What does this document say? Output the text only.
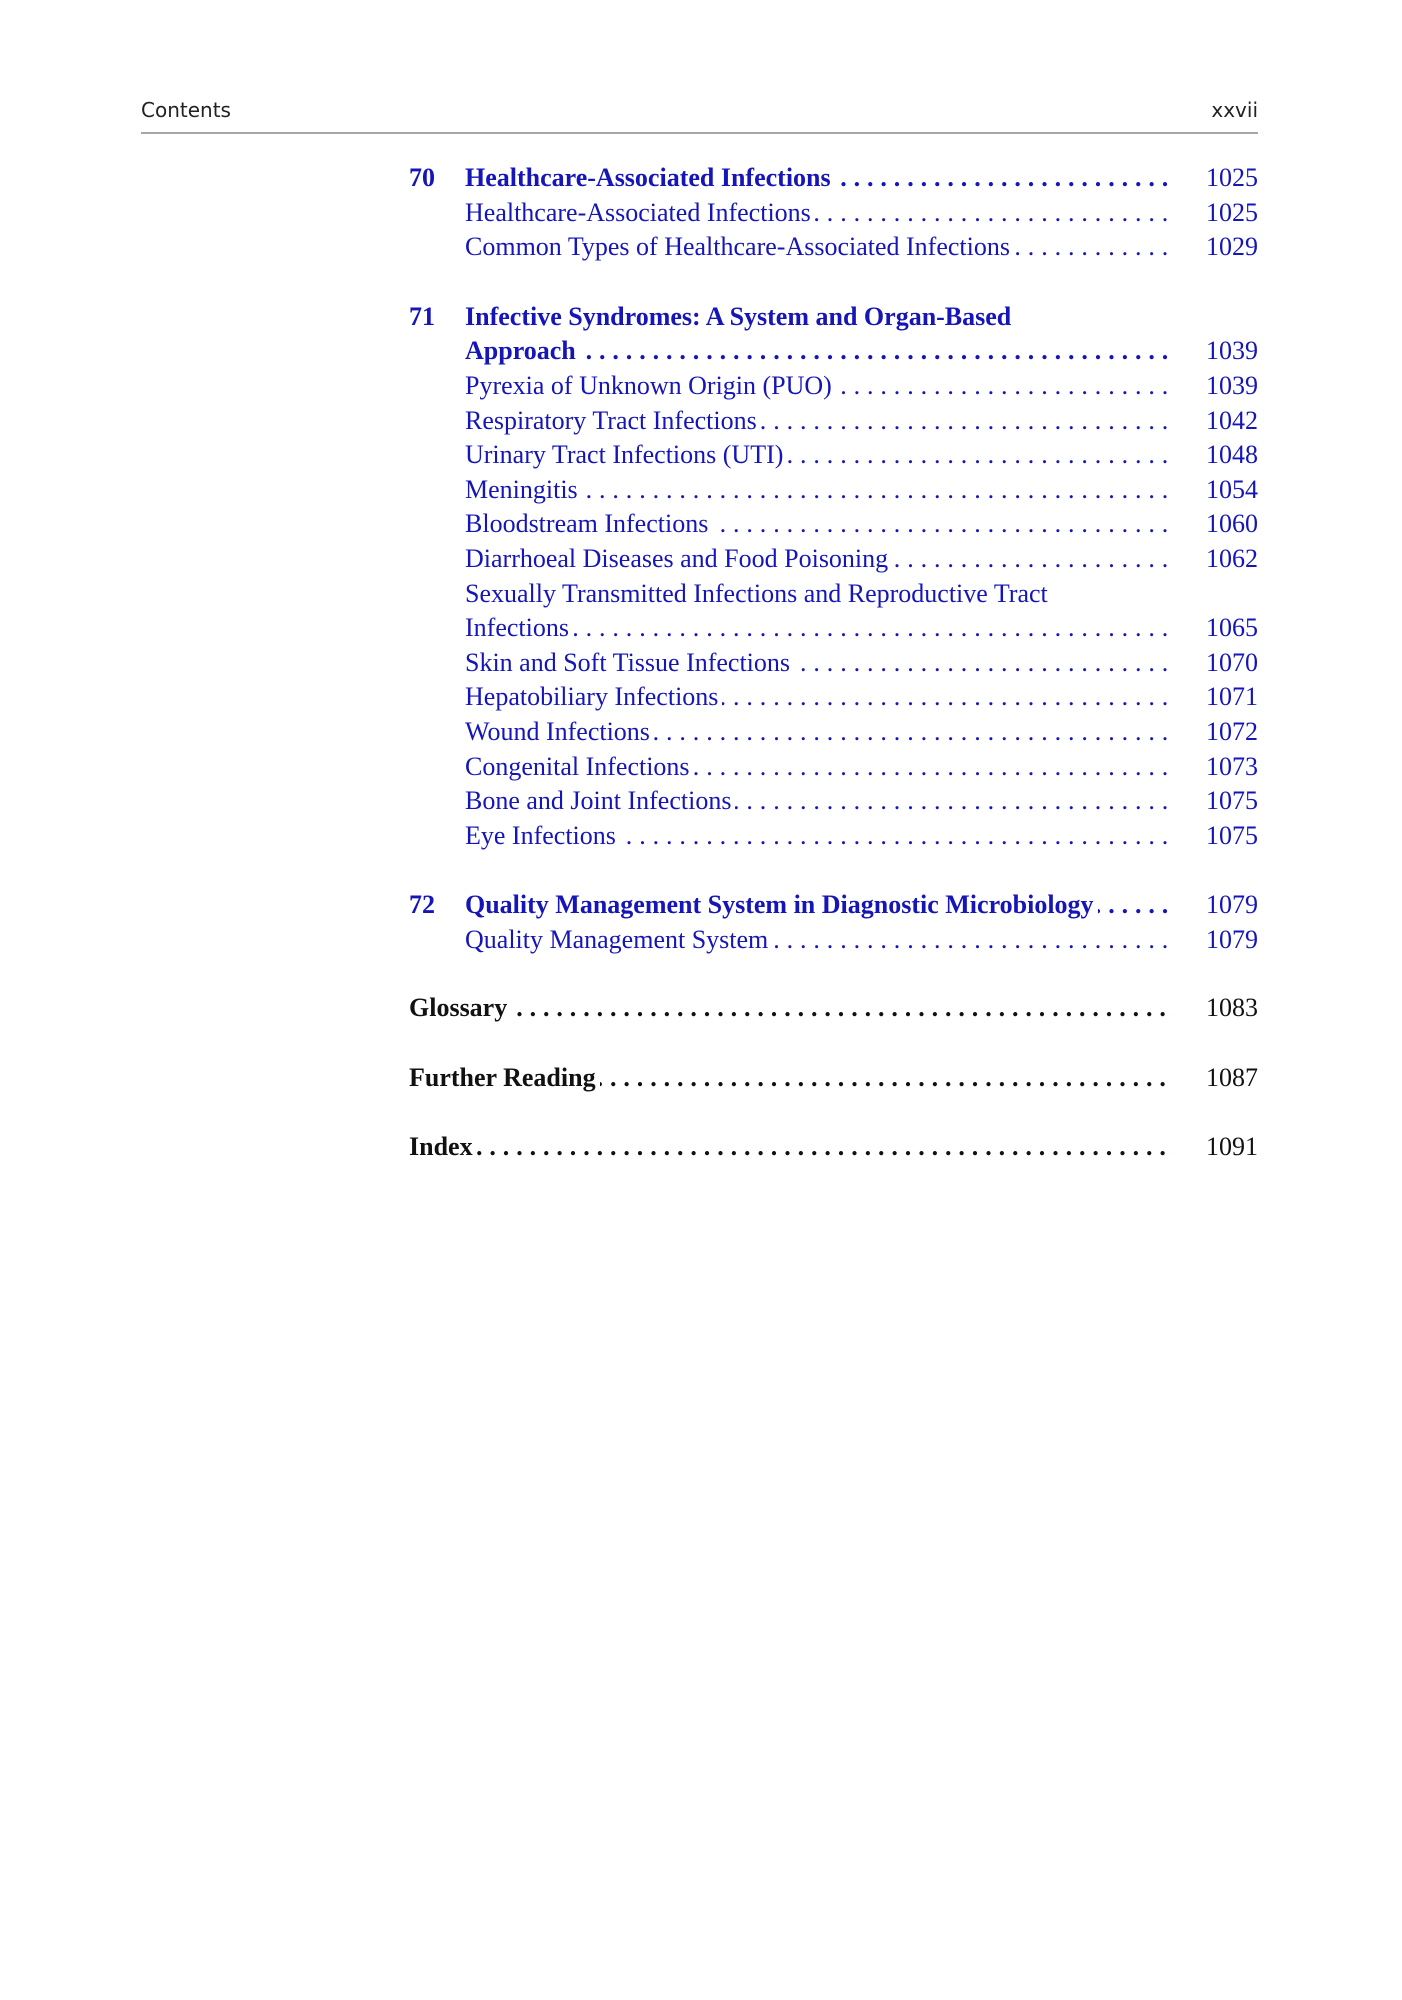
Contents	xxvii
70	Healthcare-Associated Infections . . .	1025
Healthcare-Associated Infections . . .	1025
Common Types of Healthcare-Associated Infections . . .	1029
71	Infective Syndromes: A System and Organ-Based
Approach . . .	1039
Pyrexia of Unknown Origin (PUO) . . .	1039
Respiratory Tract Infections . . .	1042
Urinary Tract Infections (UTI) . . .	1048
Meningitis . . .	1054
Bloodstream Infections . . .	1060
Diarrhoeal Diseases and Food Poisoning . . .	1062
Sexually Transmitted Infections and Reproductive Tract
Infections . . .	1065
Skin and Soft Tissue Infections . . .	1070
Hepatobiliary Infections . . .	1071
Wound Infections . . .	1072
Congenital Infections . . .	1073
Bone and Joint Infections . . .	1075
Eye Infections . . .	1075
72	Quality Management System in Diagnostic Microbiology . . .	1079
Quality Management System . . .	1079
Glossary . . .	1083
Further Reading . . .	1087
Index . . .	1091
